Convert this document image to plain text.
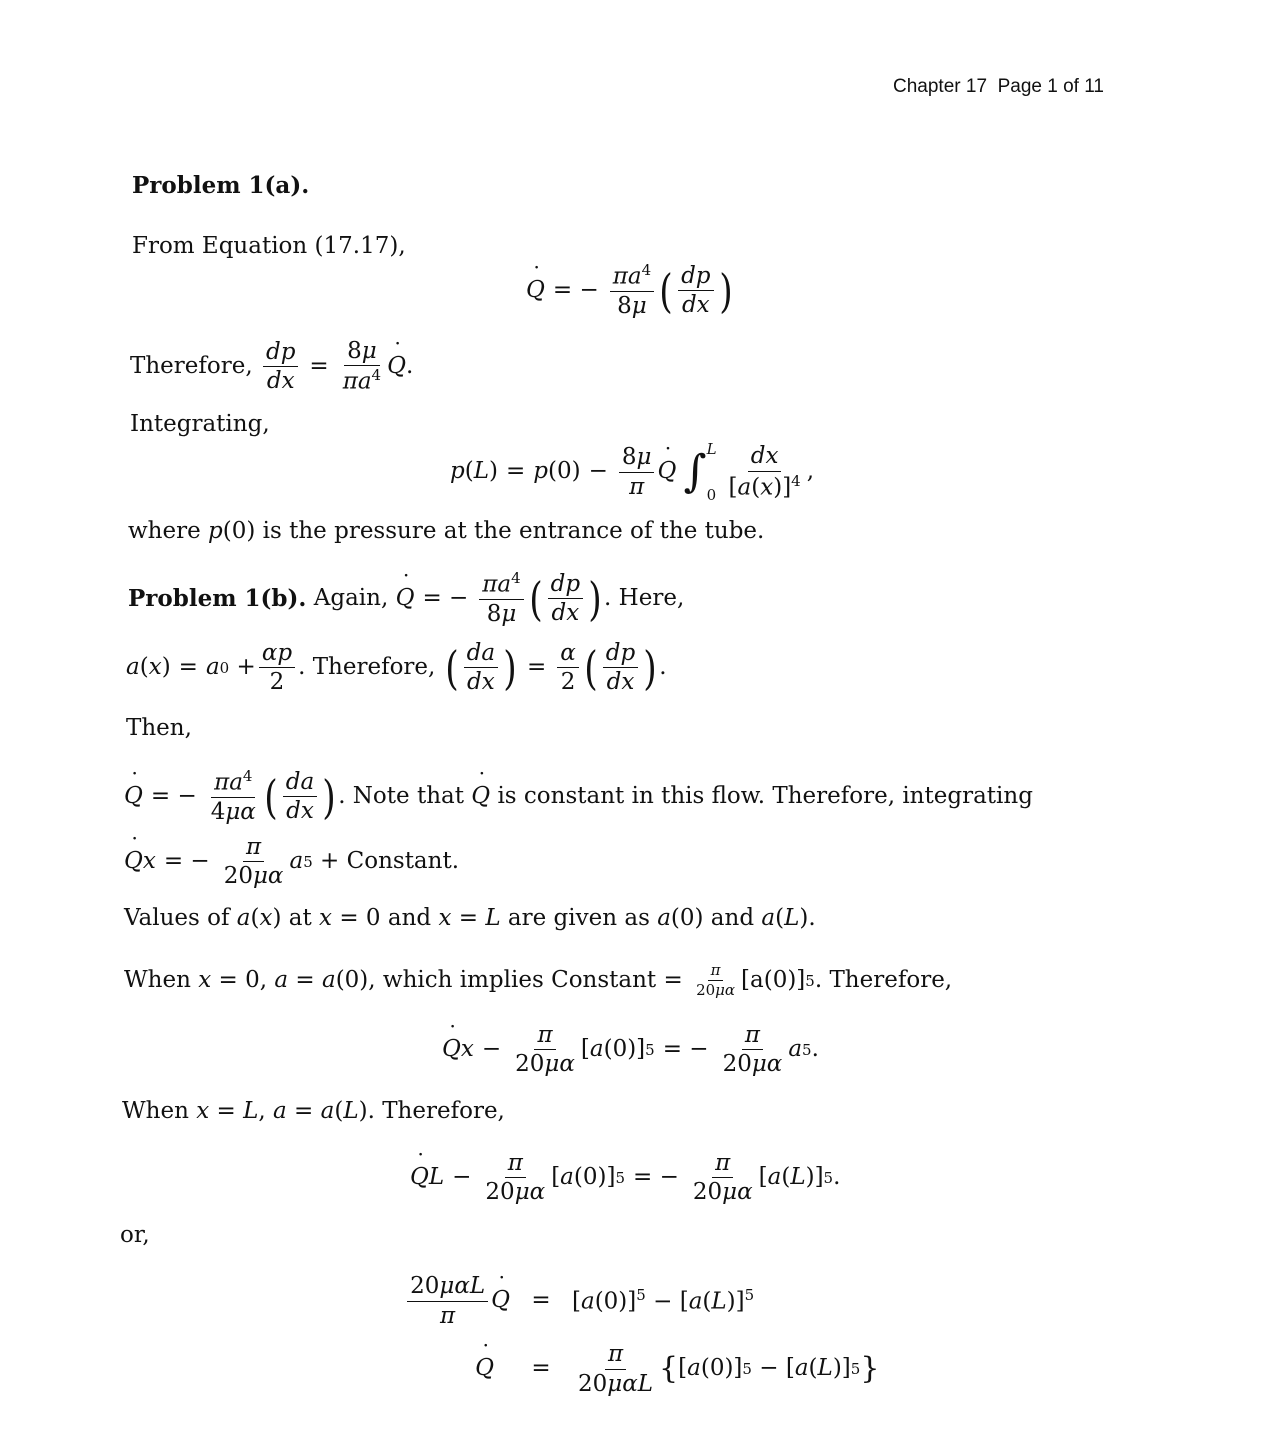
Chapter 17 Page 1 of 11
Problem 1(a).
From Equation (17.17),
Q ˙ = − $\frac{\pi a^4}{8\mu}$ ( $\frac{dp}{dx}$ )
Therefore,
$\frac{dp}{dx} = \frac{8\mu}{\pi a^4}$ Q ˙ .
Integrating,
p ( L ) = p $(0) - \frac{8\mu}{\pi}$ Q ˙
∫ L
$0 \frac{dx}{[a(x)]^4}$ ,
where p(0) is the pressure at the entrance of the tube.
Problem 1(b).
Again,
Q ˙ = − $\frac{\pi a^4}{8\mu}$ ( $\frac{dp}{dx}$ ) . Here,
a ( x ) = a $0 + \frac{\alpha p}{2}$ . Therefore,
( $\frac{da}{dx}$ ) = $\frac{\alpha}{2}$ ( $\frac{dp}{dx}$ ) .
Then,
Q ˙ = − $\frac{\pi a^4}{4\mu\alpha}$ ( $\frac{da}{dx}$ ) . Note that
Q ˙
is constant in this flow. Therefore, integrating
Q ˙ x = − $\frac{\pi}{20\mu\alpha}$ a 5
+ Constant.
Values of a(x) at x = 0 and x = L are given as a(0) and a(L).
When
x = 0, a = a (0) , which implies Constant =
$\frac{\pi}{20\mu\alpha} [a(0)]$ 5 . Therefore,
Q ˙ $x - \frac{\pi}{20\mu\alpha}$ [ a (0)] 5 = − $\frac{\pi}{20\mu\alpha}$ a 5 .
When x = L, a = a(L). Therefore,
Q ˙ $L - \frac{\pi}{20\mu\alpha}$ [ a (0)] 5 = − $\frac{\pi}{20\mu\alpha}$ [ a ( L )] 5 .
or,
$\frac{\text{20μαL}}{\pi}$ Q ˙ = $[a(0)]^5 - [a(L)]^5$
Q ˙	=	$\frac{\pi}{\text{20μαL}}$ { [ a (0)] 5 − [ a ( L )] 5 }
